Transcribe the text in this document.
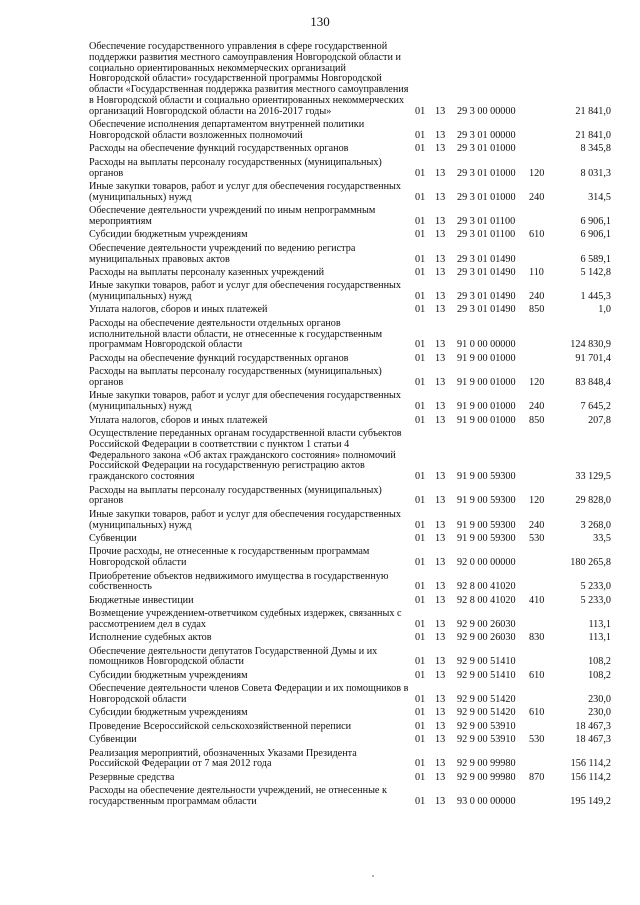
130
Обеспечение государственного управления в сфере государственной поддержки развития местного самоуправления Новгородской области и социально ориентированных некоммерческих организаций Новгородской области» государственной программы Новгородской области «Государственная поддержка развития местного самоуправления в Новгородской области и социально ориентированных некоммерческих организаций Новгородской области на 2016-2017 годы»	01	13	29 3 00 00000		21 841,0
Обеспечение исполнения департаментом внутренней политики Новгородской области возложенных полномочий	01	13	29 3 01 00000		21 841,0
Расходы на обеспечение функций государственных органов	01	13	29 3 01 01000		8 345,8
Расходы на выплаты персоналу государственных (муниципальных) органов	01	13	29 3 01 01000	120	8 031,3
Иные закупки товаров, работ и услуг для обеспечения государственных (муниципальных) нужд	01	13	29 3 01 01000	240	314,5
Обеспечение деятельности учреждений по иным непрограммным мероприятиям	01	13	29 3 01 01100		6 906,1
Субсидии бюджетным учреждениям	01	13	29 3 01 01100	610	6 906,1
Обеспечение деятельности учреждений по ведению регистра муниципальных правовых актов	01	13	29 3 01 01490		6 589,1
Расходы на выплаты персоналу казенных учреждений	01	13	29 3 01 01490	110	5 142,8
Иные закупки товаров, работ и услуг для обеспечения государственных (муниципальных) нужд	01	13	29 3 01 01490	240	1 445,3
Уплата налогов, сборов и иных платежей	01	13	29 3 01 01490	850	1,0
Расходы на обеспечение деятельности отдельных органов исполнительной власти области, не отнесенные к государственным программам Новгородской области	01	13	91 0 00 00000		124 830,9
Расходы на обеспечение функций государственных органов	01	13	91 9 00 01000		91 701,4
Расходы на выплаты персоналу государственных (муниципальных) органов	01	13	91 9 00 01000	120	83 848,4
Иные закупки товаров, работ и услуг для обеспечения государственных (муниципальных) нужд	01	13	91 9 00 01000	240	7 645,2
Уплата налогов, сборов и иных платежей	01	13	91 9 00 01000	850	207,8
Осуществление переданных органам государственной власти субъектов Российской Федерации в соответствии с пунктом 1 статьи 4 Федерального закона «Об актах гражданского состояния» полномочий Российской Федерации на государственную регистрацию актов гражданского состояния	01	13	91 9 00 59300		33 129,5
Расходы на выплаты персоналу государственных (муниципальных) органов	01	13	91 9 00 59300	120	29 828,0
Иные закупки товаров, работ и услуг для обеспечения государственных (муниципальных) нужд	01	13	91 9 00 59300	240	3 268,0
Субвенции	01	13	91 9 00 59300	530	33,5
Прочие расходы, не отнесенные к государственным программам Новгородской области	01	13	92 0 00 00000		180 265,8
Приобретение объектов недвижимого имущества в государственную собственность	01	13	92 8 00 41020		5 233,0
Бюджетные инвестиции	01	13	92 8 00 41020	410	5 233,0
Возмещение учреждением-ответчиком судебных издержек, связанных с рассмотрением дел в судах	01	13	92 9 00 26030		113,1
Исполнение судебных актов	01	13	92 9 00 26030	830	113,1
Обеспечение деятельности депутатов Государственной Думы и их помощников Новгородской области	01	13	92 9 00 51410		108,2
Субсидии бюджетным учреждениям	01	13	92 9 00 51410	610	108,2
Обеспечение деятельности членов Совета Федерации и их помощников в Новгородской области	01	13	92 9 00 51420		230,0
Субсидии бюджетным учреждениям	01	13	92 9 00 51420	610	230,0
Проведение Всероссийской сельскохозяйственной переписи	01	13	92 9 00 53910		18 467,3
Субвенции	01	13	92 9 00 53910	530	18 467,3
Реализация мероприятий, обозначенных Указами Президента Российской Федерации от 7 мая 2012 года	01	13	92 9 00 99980		156 114,2
Резервные средства	01	13	92 9 00 99980	870	156 114,2
Расходы на обеспечение деятельности учреждений, не отнесенные к государственным программам области	01	13	93 0 00 00000		195 149,2
